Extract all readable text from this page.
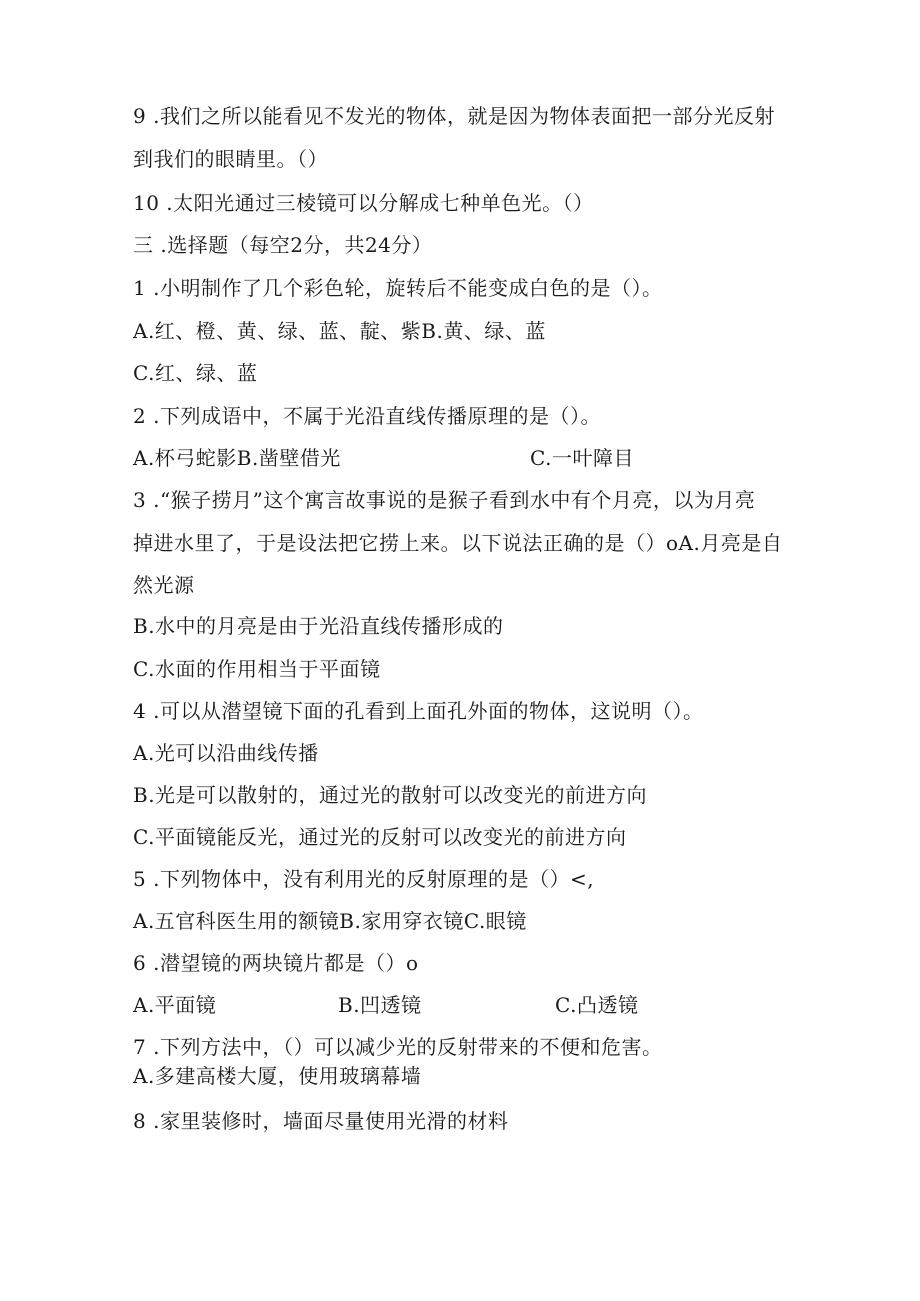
9 .我们之所以能看见不发光的物体，就是因为物体表面把一部分光反射
到我们的眼睛里。（）
10 .太阳光通过三棱镜可以分解成七种单色光。（）
三 .选择题（每空2分，共24分）
1 .小明制作了几个彩色轮，旋转后不能变成白色的是（）。
A.红、橙、黄、绿、蓝、靛、紫B.黄、绿、蓝
C.红、绿、蓝
2 .下列成语中，不属于光沿直线传播原理的是（）。
A.杯弓蛇影B.凿壁借光	C.一叶障目
3 .“猴子捞月”这个寓言故事说的是猴子看到水中有个月亮，以为月亮
掉进水里了，于是设法把它捞上来。以下说法正确的是（）oA.月亮是自
然光源
B.水中的月亮是由于光沿直线传播形成的
C.水面的作用相当于平面镜
4 .可以从潜望镜下面的孔看到上面孔外面的物体，这说明（）。
A.光可以沿曲线传播
B.光是可以散射的，通过光的散射可以改变光的前进方向
C.平面镜能反光，通过光的反射可以改变光的前进方向
5 .下列物体中，没有利用光的反射原理的是（）<,
A.五官科医生用的额镜B.家用穿衣镜C.眼镜
6 .潜望镜的两块镜片都是（）o
A.平面镜	B.凹透镜	C.凸透镜
7 .下列方法中，（）可以减少光的反射带来的不便和危害。
A.多建高楼大厦，使用玻璃幕墙
8 .家里装修时，墙面尽量使用光滑的材料
